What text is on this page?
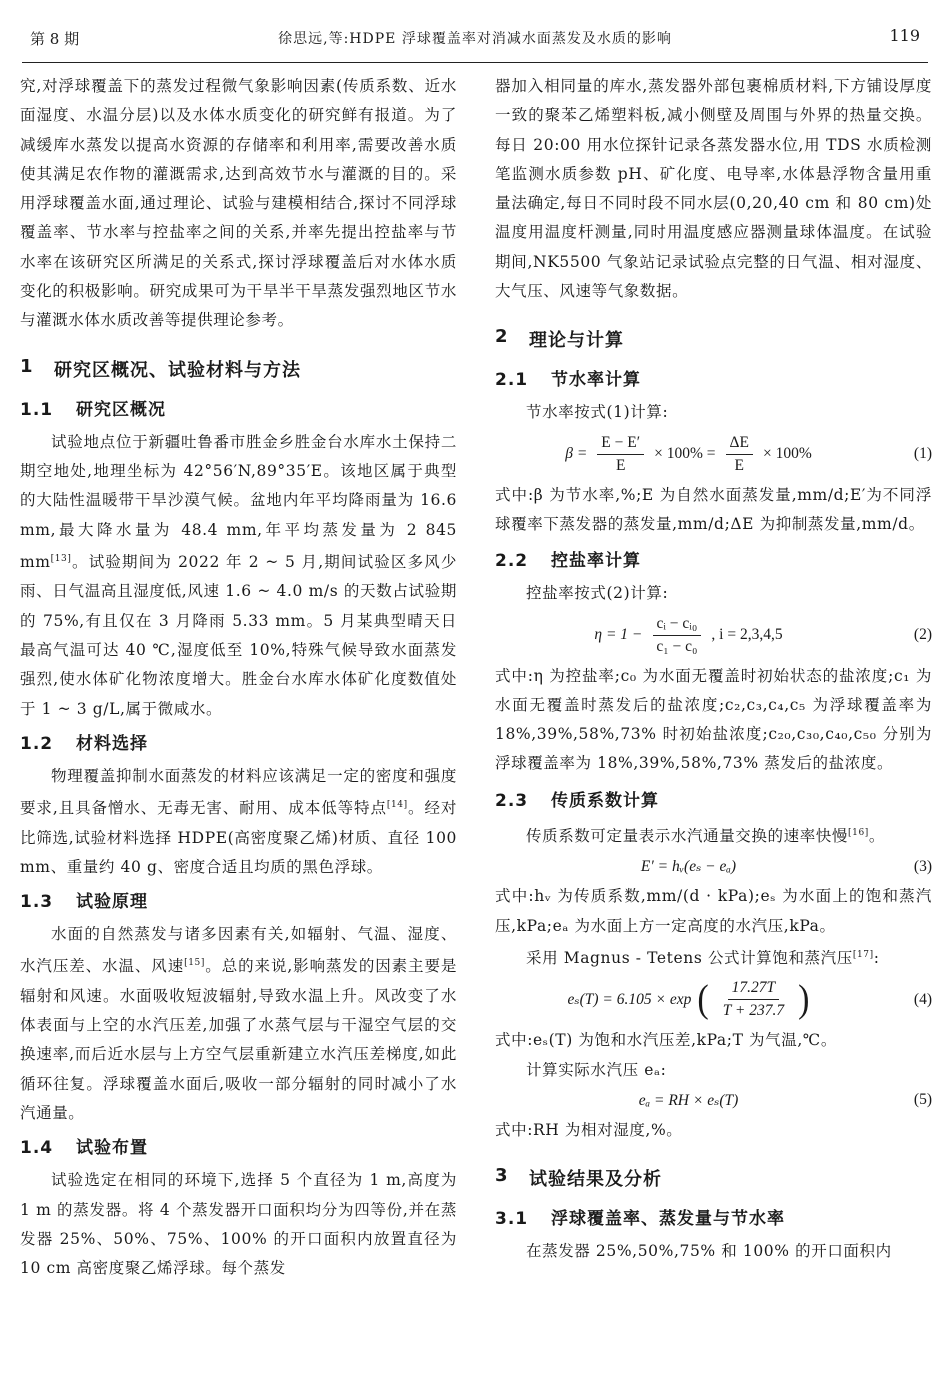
第 8 期	徐思远,等:HDPE 浮球覆盖率对消减水面蒸发及水质的影响	119

究,对浮球覆盖下的蒸发过程微气象影响因素(传质系数、近水面湿度、水温分层)以及水体水质变化的研究鲜有报道。为了减缓库水蒸发以提高水资源的存储率和利用率,需要改善水质使其满足农作物的灌溉需求,达到高效节水与灌溉的目的。采用浮球覆盖水面,通过理论、试验与建模相结合,探讨不同浮球覆盖率、节水率与控盐率之间的关系,并率先提出控盐率与节水率在该研究区所满足的关系式,探讨浮球覆盖后对水体水质变化的积极影响。研究成果可为干旱半干旱蒸发强烈地区节水与灌溉水体水质改善等提供理论参考。

1	研究区概况、试验材料与方法
1.1	研究区概况

试验地点位于新疆吐鲁番市胜金乡胜金台水库水土保持二期空地处,地理坐标为 42°56′N,89°35′E。该地区属于典型的大陆性温暖带干旱沙漠气候。盆地内年平均降雨量为 16.6 mm,最大降水量为 48.4 mm,年平均蒸发量为 2 845 mm[13]。试验期间为 2022 年 2 ~ 5 月,期间试验区多风少雨、日气温高且湿度低,风速 1.6 ~ 4.0 m/s 的天数占试验期的 75%,有且仅在 3 月降雨 5.33 mm。5 月某典型晴天日最高气温可达 40 ℃,湿度低至 10%,特殊气候导致水面蒸发强烈,使水体矿化物浓度增大。胜金台水库水体矿化度数值处于 1 ~ 3 g/L,属于微咸水。

1.2	材料选择

物理覆盖抑制水面蒸发的材料应该满足一定的密度和强度要求,且具备憎水、无毒无害、耐用、成本低等特点[14]。经对比筛选,试验材料选择 HDPE(高密度聚乙烯)材质、直径 100 mm、重量约 40 g、密度合适且均质的黑色浮球。

1.3	试验原理

水面的自然蒸发与诸多因素有关,如辐射、气温、湿度、水汽压差、水温、风速[15]。总的来说,影响蒸发的因素主要是辐射和风速。水面吸收短波辐射,导致水温上升。风改变了水体表面与上空的水汽压差,加强了水蒸气层与干湿空气层的交换速率,而后近水层与上方空气层重新建立水汽压差梯度,如此循环往复。浮球覆盖水面后,吸收一部分辐射的同时减小了水汽通量。

1.4	试验布置

试验选定在相同的环境下,选择 5 个直径为 1 m,高度为 1 m 的蒸发器。将 4 个蒸发器开口面积均分为四等份,并在蒸发器 25%、50%、75%、100% 的开口面积内放置直径为 10 cm 高密度聚乙烯浮球。每个蒸发

器加入相同量的库水,蒸发器外部包裹棉质材料,下方铺设厚度一致的聚苯乙烯塑料板,减小侧壁及周围与外界的热量交换。每日 20:00 用水位探针记录各蒸发器水位,用 TDS 水质检测笔监测水质参数 pH、矿化度、电导率,水体悬浮物含量用重量法确定,每日不同时段不同水层(0,20,40 cm 和 80 cm)处温度用温度杆测量,同时用温度感应器测量球体温度。在试验期间,NK5500 气象站记录试验点完整的日气温、相对湿度、大气压、风速等气象数据。

2	理论与计算
2.1	节水率计算

节水率按式(1)计算:

$\beta = \frac{E - E'}{E} \times 100\% = \frac{\Delta E}{E} \times 100\%$	(1)

式中:β 为节水率,%;E 为自然水面蒸发量,mm/d;E′为不同浮球覆率下蒸发器的蒸发量,mm/d;ΔE 为抑制蒸发量,mm/d。

2.2	控盐率计算

控盐率按式(2)计算:

$\eta = 1 - \frac{\text{cᵢ − cᵢ₀}}{\text{c₁ − c₀}}$ , i = 2,3,4,5	(2)

式中:η 为控盐率;c₀ 为水面无覆盖时初始状态的盐浓度;c₁ 为水面无覆盖时蒸发后的盐浓度;c₂,c₃,c₄,c₅ 为浮球覆盖率为 18%,39%,58%,73% 时初始盐浓度;c₂₀,c₃₀,c₄₀,c₅₀ 分别为浮球覆盖率为 18%,39%,58%,73% 蒸发后的盐浓度。

2.3	传质系数计算

传质系数可定量表示水汽通量交换的速率快慢[16]。

E′ = hᵥ(eₛ − eₐ)	(3)

式中:hᵥ 为传质系数,mm/(d · kPa);eₛ 为水面上的饱和蒸汽压,kPa;eₐ 为水面上方一定高度的水汽压,kPa。

采用 Magnus - Tetens 公式计算饱和蒸汽压[17]:

eₛ(T) = 6.105 × exp ( $\frac{17.27T}{T + 237.7}$ )	(4)

式中:eₛ(T) 为饱和水汽压差,kPa;T 为气温,℃。

计算实际水汽压 eₐ:

eₐ = RH × eₛ(T)	(5)

式中:RH 为相对湿度,%。

3	试验结果及分析
3.1	浮球覆盖率、蒸发量与节水率

在蒸发器 25%,50%,75% 和 100% 的开口面积内
